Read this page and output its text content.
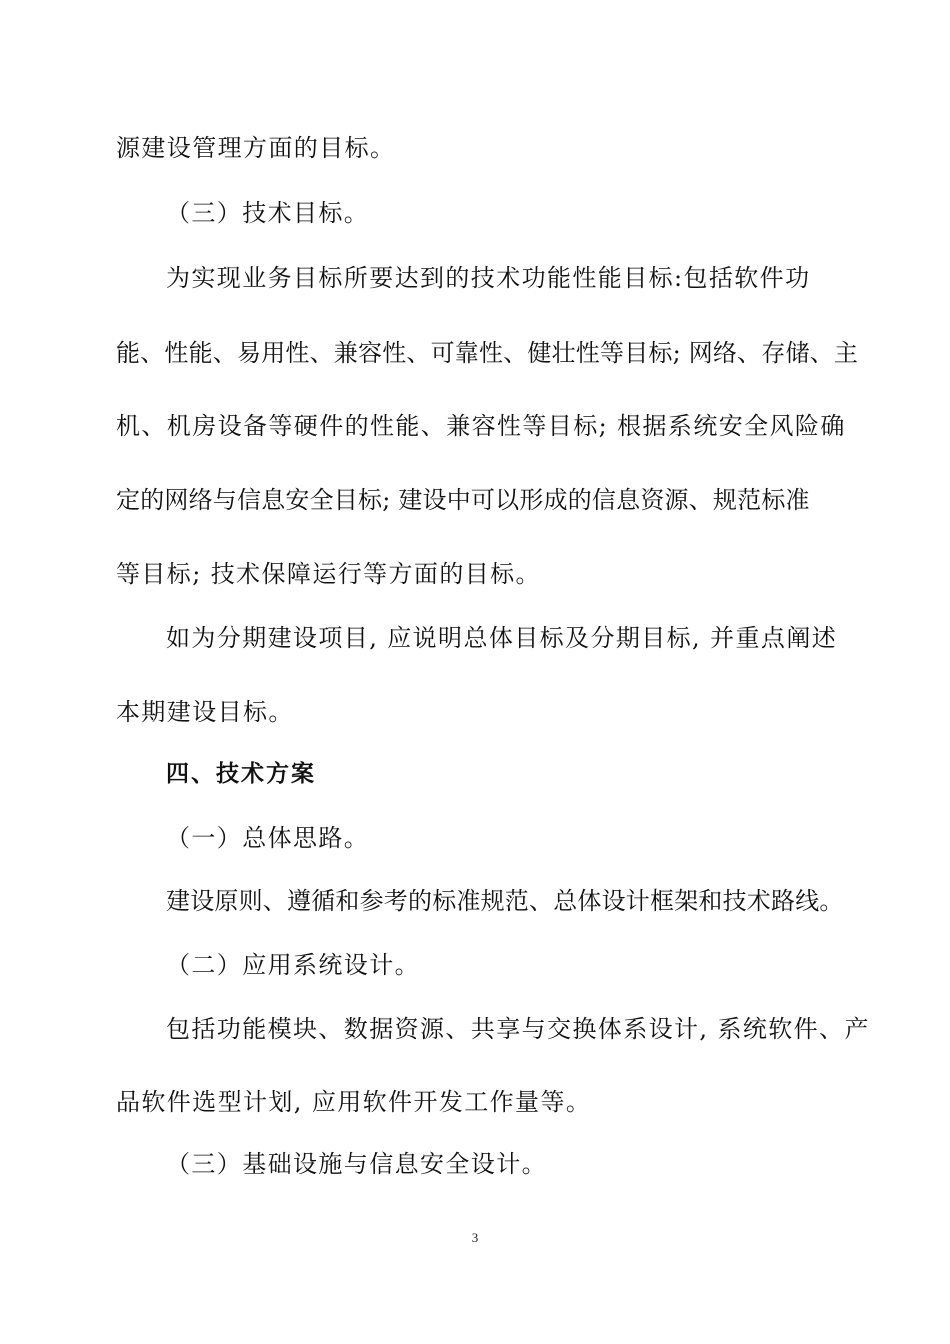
源建设管理方面的目标。
（三）技术目标。
为实现业务目标所要达到的技术功能性能目标:包括软件功
能、性能、易用性、兼容性、可靠性、健壮性等目标; 网络、存储、主
机、机房设备等硬件的性能、兼容性等目标; 根据系统安全风险确
定的网络与信息安全目标; 建设中可以形成的信息资源、规范标准
等目标; 技术保障运行等方面的目标。
如为分期建设项目, 应说明总体目标及分期目标, 并重点阐述
本期建设目标。
四、技术方案
（一）总体思路。
建设原则、遵循和参考的标准规范、总体设计框架和技术路线。
（二）应用系统设计。
包括功能模块、数据资源、共享与交换体系设计, 系统软件、产
品软件选型计划, 应用软件开发工作量等。
（三）基础设施与信息安全设计。
3
